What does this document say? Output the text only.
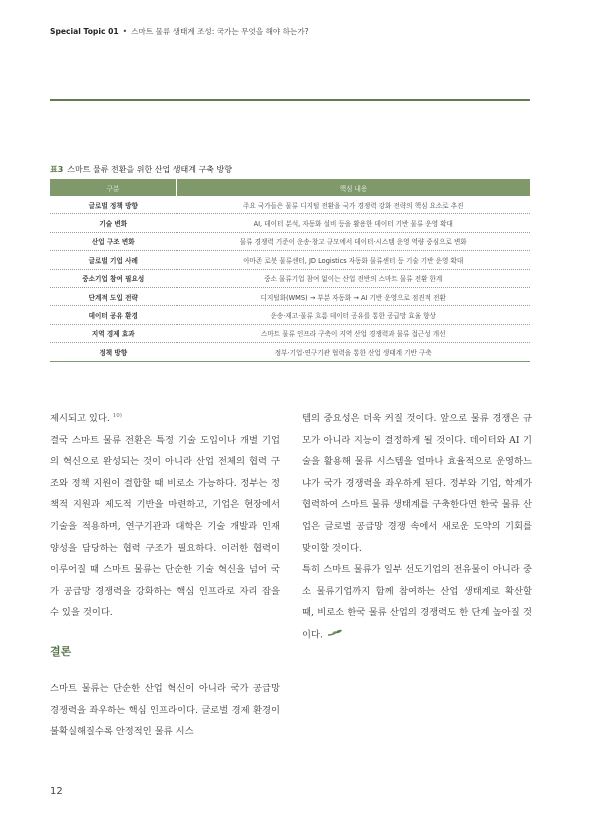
Special Topic 01 • 스마트 물류 생태계 조성: 국가는 무엇을 해야 하는가?
표3 스마트 물류 전환을 위한 산업 생태계 구축 방향
구분	핵심 내용
글로벌 정책 방향	주요 국가들은 물류 디지털 전환을 국가 경쟁력 강화 전략의 핵심 요소로 추진
기술 변화	AI, 데이터 분석, 자동화 설비 등을 활용한 데이터 기반 물류 운영 확대
산업 구조 변화	물류 경쟁력 기준이 운송·창고 규모에서 데이터·시스템 운영 역량 중심으로 변화
글로벌 기업 사례	아마존 로봇 물류센터, JD Logistics 자동화 물류센터 등 기술 기반 운영 확대
중소기업 참여 필요성	중소 물류기업 참여 없이는 산업 전반의 스마트 물류 전환 한계
단계적 도입 전략	디지털화(WMS) → 부분 자동화 → AI 기반 운영으로 점진적 전환
데이터 공유 환경	운송·재고·물류 흐름 데이터 공유를 통한 공급망 효율 향상
지역 경제 효과	스마트 물류 인프라 구축이 지역 산업 경쟁력과 물류 접근성 개선
정책 방향	정부·기업·연구기관 협력을 통한 산업 생태계 기반 구축

제시되고 있다. $^{10)}$

결국 스마트 물류 전환은 특정 기술 도입이나 개별 기업의 혁신으로 완성되는 것이 아니라 산업 전체의 협력 구조와 정책 지원이 결합할 때 비로소 가능하다. 정부는 정책적 지원과 제도적 기반을 마련하고, 기업은 현장에서 기술을 적용하며, 연구기관과 대학은 기술 개발과 인재 양성을 담당하는 협력 구조가 필요하다. 이러한 협력이 이루어질 때 스마트 물류는 단순한 기술 혁신을 넘어 국가 공급망 경쟁력을 강화하는 핵심 인프라로 자리 잡을 수 있을 것이다.

결론

스마트 물류는 단순한 산업 혁신이 아니라 국가 공급망 경쟁력을 좌우하는 핵심 인프라이다. 글로벌 경제 환경이 불확실해질수록 안정적인 물류 시스

템의 중요성은 더욱 커질 것이다. 앞으로 물류 경쟁은 규모가 아니라 지능이 결정하게 될 것이다. 데이터와 AI 기술을 활용해 물류 시스템을 얼마나 효율적으로 운영하느냐가 국가 경쟁력을 좌우하게 된다. 정부와 기업, 학계가 협력하여 스마트 물류 생태계를 구축한다면 한국 물류 산업은 글로벌 공급망 경쟁 속에서 새로운 도약의 기회를 맞이할 것이다.

특히 스마트 물류가 일부 선도기업의 전유물이 아니라 중소 물류기업까지 함께 참여하는 산업 생태계로 확산할 때, 비로소 한국 물류 산업의 경쟁력도 한 단계 높아질 것이다.

12
